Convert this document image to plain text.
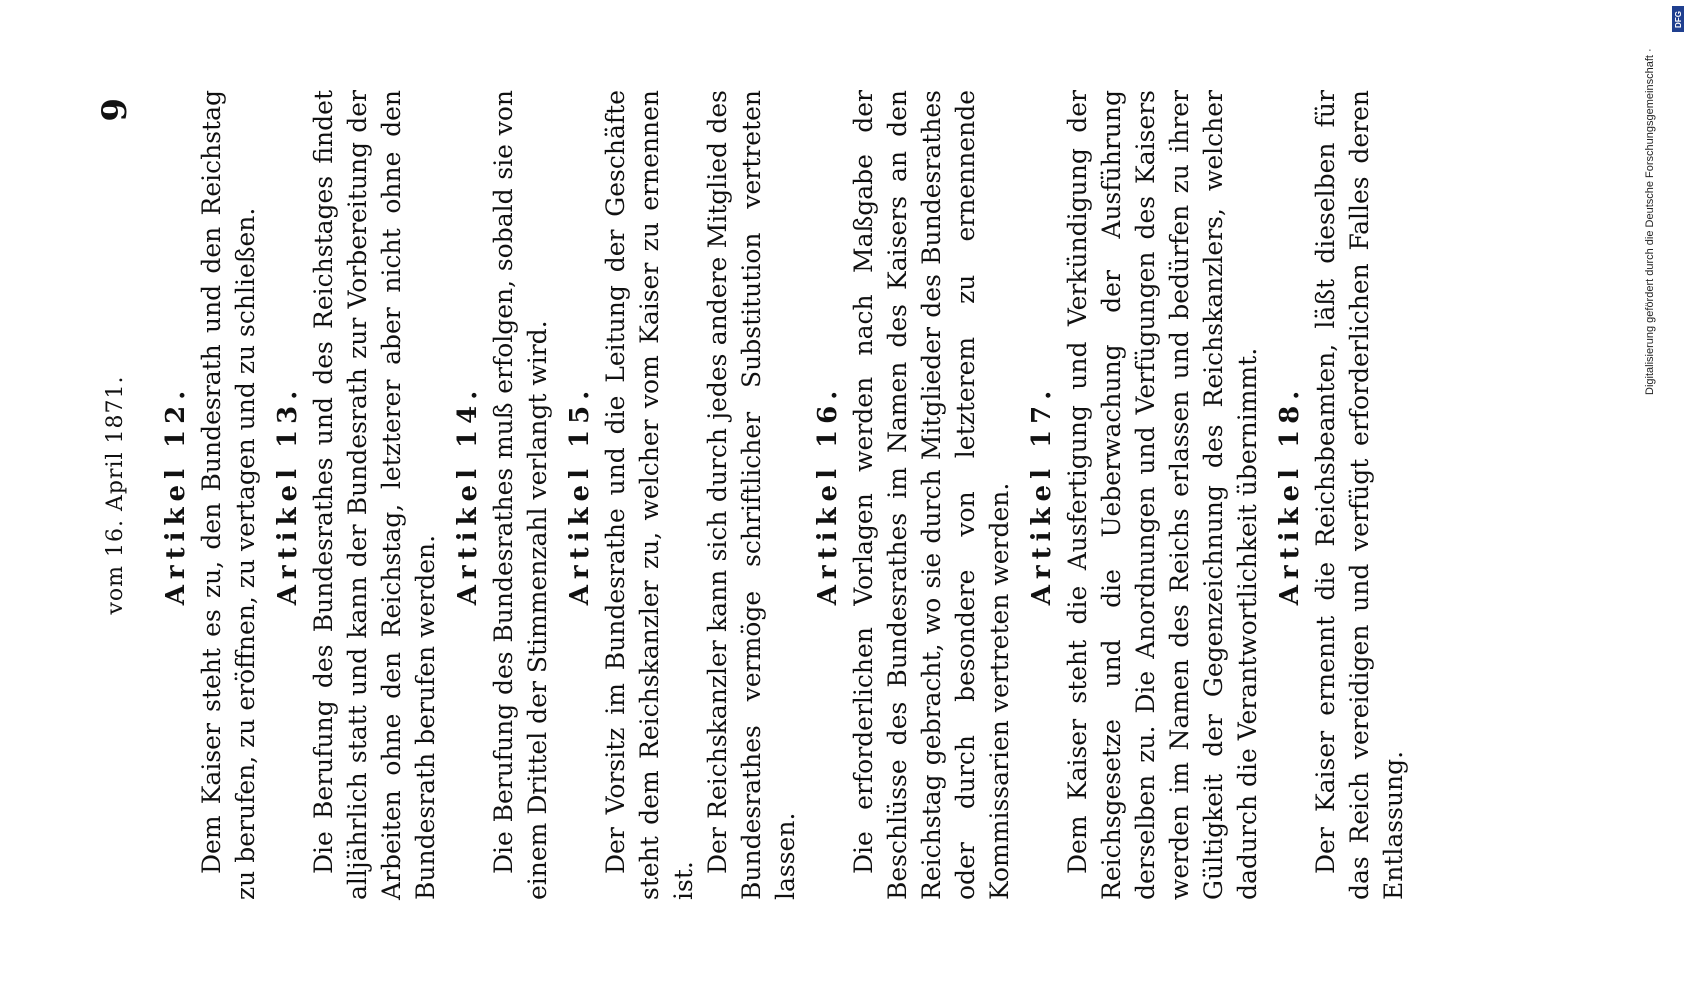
vom 16. April 1871.
9
Artikel 12. Dem Kaiser steht es zu, den Bundesrath und den Reichstag zu berufen, zu eröffnen, zu vertagen und zu schließen. Artikel 13. Die Berufung des Bundesrathes und des Reichstages findet alljährlich statt und kann der Bundesrath zur Vorbereitung der Arbeiten ohne den Reichstag, letzterer aber nicht ohne den Bundesrath berufen werden.

Artikel 14. Die Berufung des Bundesrathes muß erfolgen, sobald sie von einem Drittel der Stimmenzahl verlangt wird. Artikel 15. Der Vorsitz im Bundesrathe und die Leitung der Geschäfte steht dem Reichskanzler zu, welcher vom Kaiser zu ernennen ist.

Der Reichskanzler kann sich durch jedes andere Mitglied des Bundesrathes vermöge schriftlicher Substitution vertreten lassen.

Artikel 16. Die erforderlichen Vorlagen werden nach Maßgabe der Beschlüsse des Bundesrathes im Namen des Kaisers an den Reichstag gebracht, wo sie durch Mitglieder des Bundesrathes oder durch besondere von letzterem zu ernennende Kommissarien vertreten werden. Artikel 17. Dem Kaiser steht die Ausfertigung und Verkündigung der Reichsgesetze und die Ueberwachung der Ausführung derselben zu. Die Anordnungen und Verfügungen des Kaisers werden im Namen des Reichs erlassen und bedürfen zu ihrer Gültigkeit der Gegenzeichnung des Reichskanzlers, welcher dadurch die Verantwortlichkeit übernimmt. Artikel 18. Der Kaiser ernennt die Reichsbeamten, läßt dieselben für das Reich vereidigen und verfügt erforderlichen Falles deren Entlassung.

Digitalisierung gefördert durch die Deutsche Forschungsgemeinschaft ·
DFG
